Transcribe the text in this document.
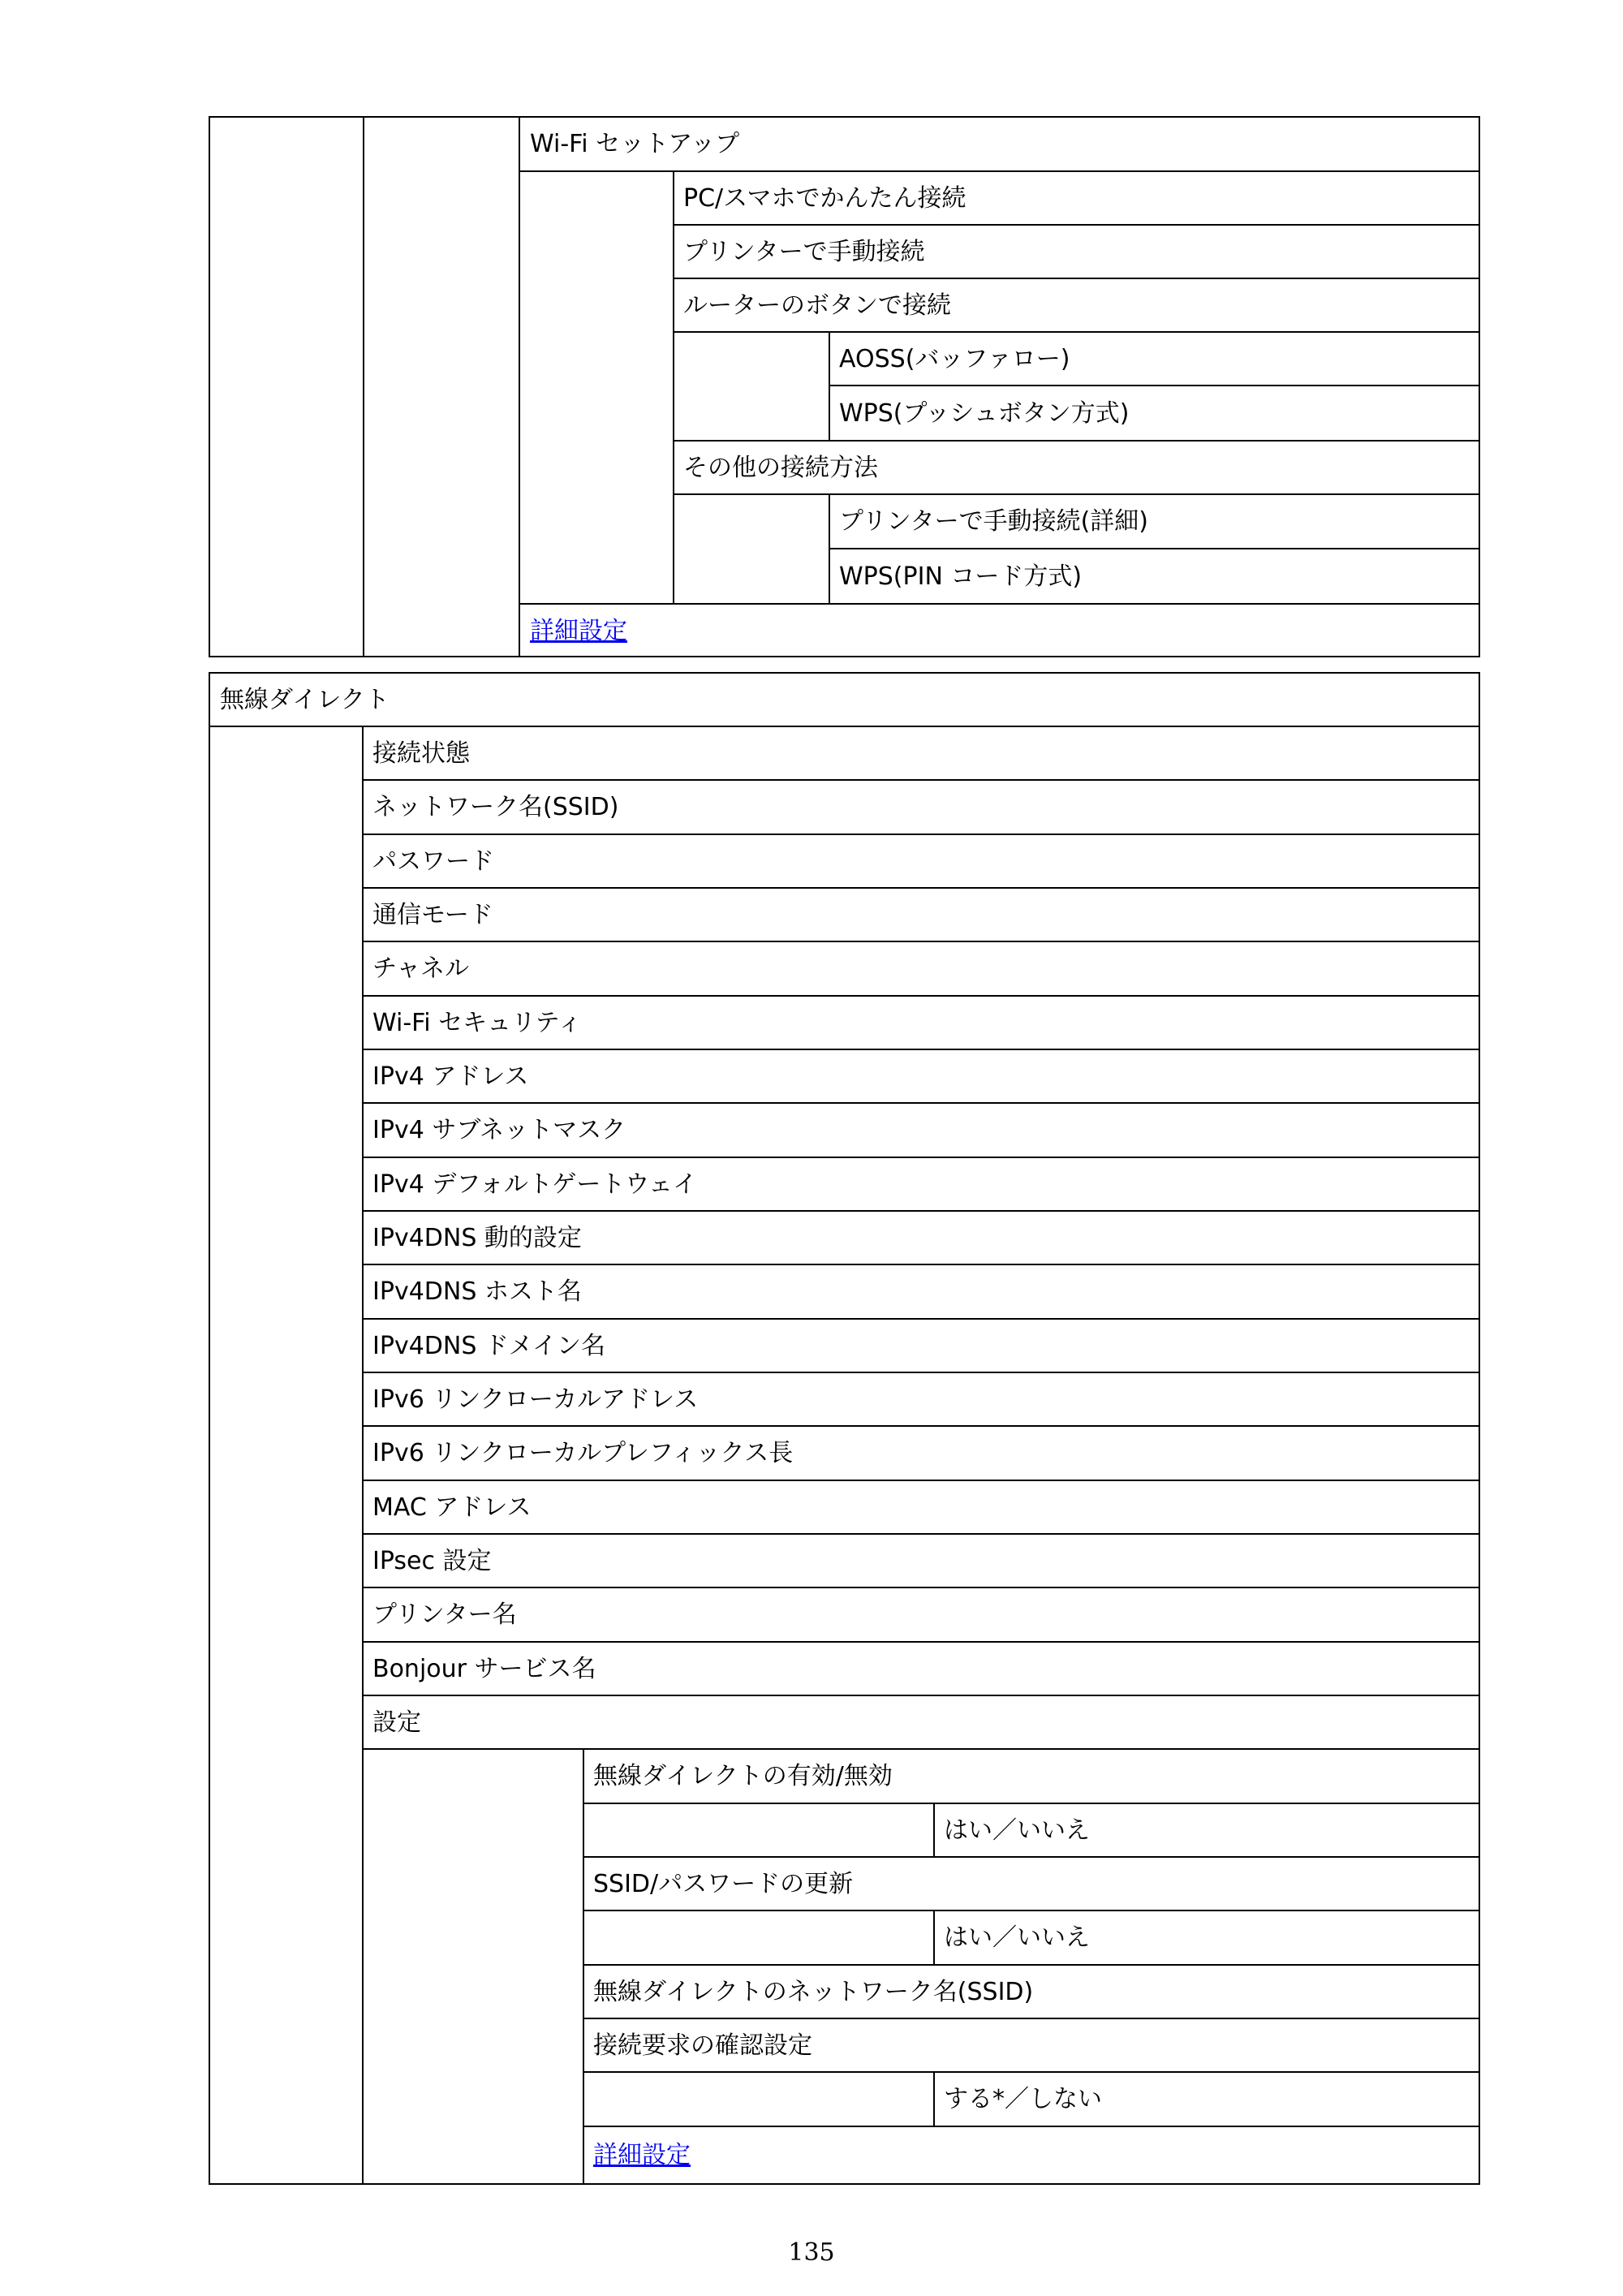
Wi-Fi セットアップ
PC/スマホでかんたん接続
プリンターで手動接続
ルーターのボタンで接続
AOSS(バッファロー)
WPS(プッシュボタン方式)
その他の接続方法
プリンターで手動接続(詳細)
WPS(PIN コード方式)
詳細設定
無線ダイレクト
接続状態
ネットワーク名(SSID)
パスワード
通信モード
チャネル
Wi-Fi セキュリティ
IPv4 アドレス
IPv4 サブネットマスク
IPv4 デフォルトゲートウェイ
IPv4DNS 動的設定
IPv4DNS ホスト名
IPv4DNS ドメイン名
IPv6 リンクローカルアドレス
IPv6 リンクローカルプレフィックス長
MAC アドレス
IPsec 設定
プリンター名
Bonjour サービス名
設定
無線ダイレクトの有効/無効
はい／いいえ
SSID/パスワードの更新
はい／いいえ
無線ダイレクトのネットワーク名(SSID)
接続要求の確認設定
する*／しない
詳細設定
135
